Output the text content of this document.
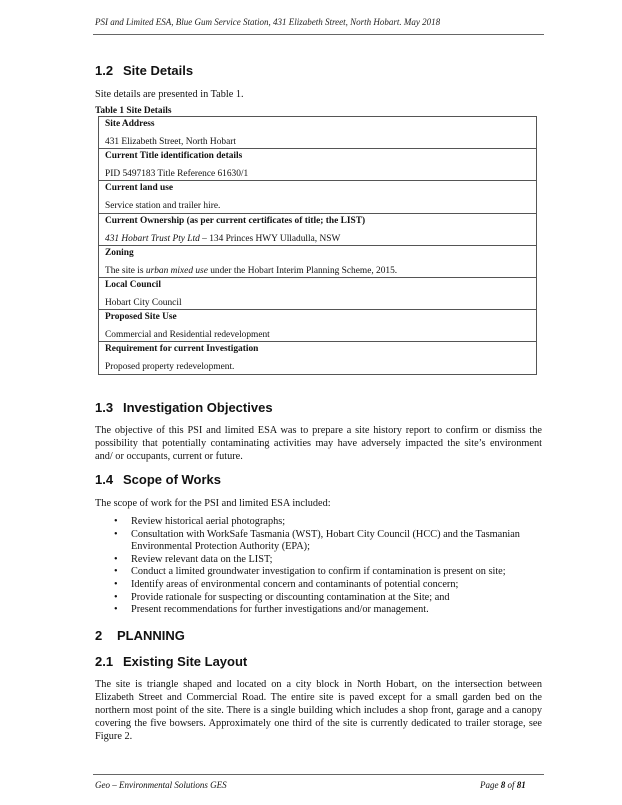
PSI and Limited ESA, Blue Gum Service Station, 431 Elizabeth Street, North Hobart. May 2018
1.2 Site Details
Site details are presented in Table 1.
Table 1 Site Details
Site Address
431 Elizabeth Street, North Hobart

Current Title identification details
PID 5497183 Title Reference 61630/1

Current land use
Service station and trailer hire.

Current Ownership (as per current certificates of title; the LIST)
431 Hobart Trust Pty Ltd – 134 Princes HWY Ulladulla, NSW

Zoning
The site is urban mixed use under the Hobart Interim Planning Scheme, 2015.

Local Council
Hobart City Council

Proposed Site Use
Commercial and Residential redevelopment

Requirement for current Investigation
Proposed property redevelopment.
1.3 Investigation Objectives
The objective of this PSI and limited ESA was to prepare a site history report to confirm or dismiss the possibility that potentially contaminating activities may have adversely impacted the site’s environment and/ or occupants, current or future.
1.4 Scope of Works
The scope of work for the PSI and limited ESA included:
• Review historical aerial photographs;
• Consultation with WorkSafe Tasmania (WST), Hobart City Council (HCC) and the Tasmanian Environmental Protection Authority (EPA);
• Review relevant data on the LIST;
• Conduct a limited groundwater investigation to confirm if contamination is present on site;
• Identify areas of environmental concern and contaminants of potential concern;
• Provide rationale for suspecting or discounting contamination at the Site; and
• Present recommendations for further investigations and/or management.
2 PLANNING
2.1 Existing Site Layout
The site is triangle shaped and located on a city block in North Hobart, on the intersection between Elizabeth Street and Commercial Road. The entire site is paved except for a small garden bed on the northern most point of the site. There is a single building which includes a shop front, garage and a canopy covering the five bowsers. Approximately one third of the site is currently dedicated to trailer storage, see Figure 2.
Geo – Environmental Solutions GES	Page 8 of 81
